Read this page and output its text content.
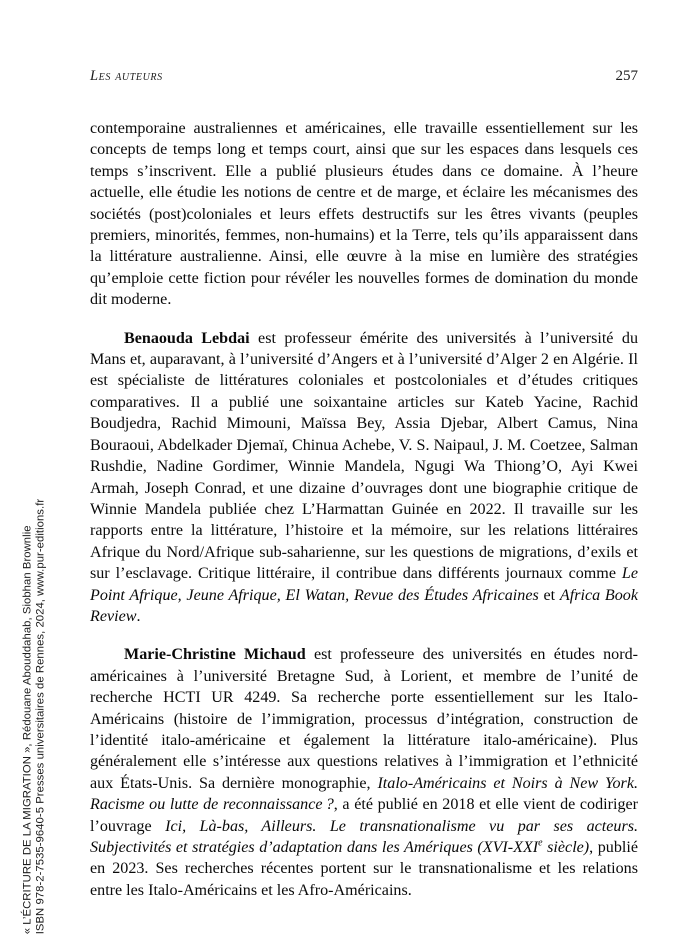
Les auteurs	257

contemporaine australiennes et américaines, elle travaille essentiellement sur les concepts de temps long et temps court, ainsi que sur les espaces dans lesquels ces temps s’inscrivent. Elle a publié plusieurs études dans ce domaine. À l’heure actuelle, elle étudie les notions de centre et de marge, et éclaire les mécanismes des sociétés (post)coloniales et leurs effets destructifs sur les êtres vivants (peuples premiers, minorités, femmes, non-humains) et la Terre, tels qu’ils apparaissent dans la littérature australienne. Ainsi, elle œuvre à la mise en lumière des stratégies qu’emploie cette fiction pour révéler les nouvelles formes de domination du monde dit moderne.

Benaouda Lebdai est professeur émérite des universités à l’université du Mans et, auparavant, à l’université d’Angers et à l’université d’Alger 2 en Algérie. Il est spécialiste de littératures coloniales et postcoloniales et d’études critiques comparatives. Il a publié une soixantaine articles sur Kateb Yacine, Rachid Boudjedra, Rachid Mimouni, Maïssa Bey, Assia Djebar, Albert Camus, Nina Bouraoui, Abdelkader Djemaï, Chinua Achebe, V. S. Naipaul, J. M. Coetzee, Salman Rushdie, Nadine Gordimer, Winnie Mandela, Ngugi Wa Thiong’O, Ayi Kwei Armah, Joseph Conrad, et une dizaine d’ouvrages dont une biographie critique de Winnie Mandela publiée chez L’Harmattan Guinée en 2022. Il travaille sur les rapports entre la littérature, l’histoire et la mémoire, sur les relations littéraires Afrique du Nord/Afrique sub-saharienne, sur les questions de migrations, d’exils et sur l’esclavage. Critique littéraire, il contribue dans différents journaux comme Le Point Afrique, Jeune Afrique, El Watan, Revue des Études Africaines et Africa Book Review.

Marie-Christine Michaud est professeure des universités en études nord-américaines à l’université Bretagne Sud, à Lorient, et membre de l’unité de recherche HCTI UR 4249. Sa recherche porte essentiellement sur les Italo-Américains (histoire de l’immigration, processus d’intégration, construction de l’identité italo-américaine et également la littérature italo-américaine). Plus généralement elle s’intéresse aux questions relatives à l’immigration et l’ethnicité aux États-Unis. Sa dernière monographie, Italo-Américains et Noirs à New York. Racisme ou lutte de reconnaissance ?, a été publié en 2018 et elle vient de codiriger l’ouvrage Ici, Là-bas, Ailleurs. Le transnationalisme vu par ses acteurs. Subjectivités et stratégies d’adaptation dans les Amériques (XVI-XXIe siècle), publié en 2023. Ses recherches récentes portent sur le transnationalisme et les relations entre les Italo-Américains et les Afro-Américains.

« L’ÉCRITURE DE LA MIGRATION », Rédouane Abouddahab, Siobhan Brownlie ISBN 978-2-7535-9640-5 Presses universitaires de Rennes, 2024, www.pur-editions.fr
